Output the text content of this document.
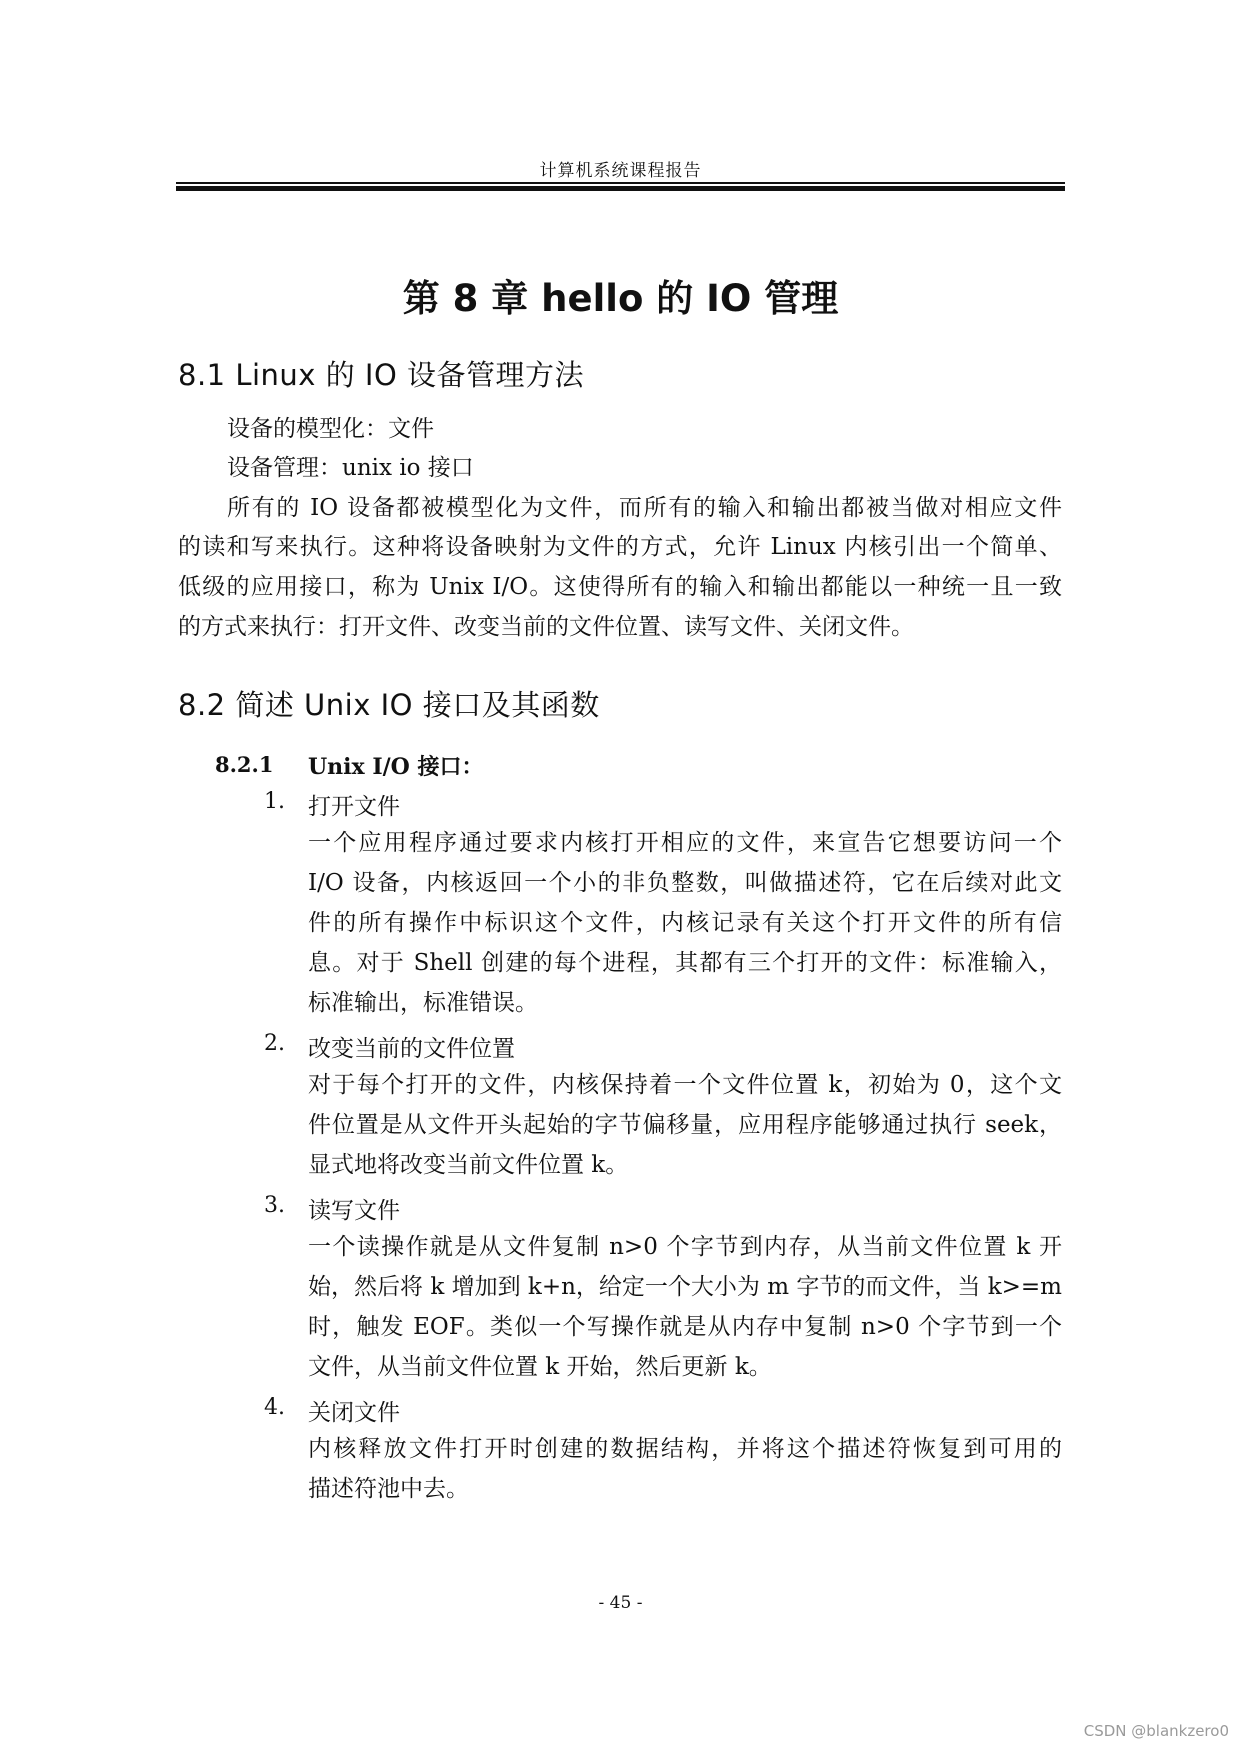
计算机系统课程报告
第 8 章 hello 的 IO 管理
8.1 Linux 的 IO 设备管理方法
设备的模型化：文件
设备管理：unix io 接口
所有的 IO 设备都被模型化为文件，而所有的输入和输出都被当做对相应文件
的读和写来执行。这种将设备映射为文件的方式，允许 Linux 内核引出一个简单、
低级的应用接口，称为 Unix I/O。这使得所有的输入和输出都能以一种统一且一致
的方式来执行：打开文件、改变当前的文件位置、读写文件、关闭文件。
8.2 简述 Unix IO 接口及其函数
8.2.1 Unix I/O 接口：
1. 打开文件
一个应用程序通过要求内核打开相应的文件，来宣告它想要访问一个
I/O 设备，内核返回一个小的非负整数，叫做描述符，它在后续对此文
件的所有操作中标识这个文件，内核记录有关这个打开文件的所有信
息。对于 Shell 创建的每个进程，其都有三个打开的文件：标准输入，
标准输出，标准错误。
2. 改变当前的文件位置
对于每个打开的文件，内核保持着一个文件位置 k，初始为 0，这个文
件位置是从文件开头起始的字节偏移量，应用程序能够通过执行 seek，
显式地将改变当前文件位置 k。
3. 读写文件
一个读操作就是从文件复制 n>0 个字节到内存，从当前文件位置 k 开
始，然后将 k 增加到 k+n，给定一个大小为 m 字节的而文件，当 k>=m
时，触发 EOF。类似一个写操作就是从内存中复制 n>0 个字节到一个
文件，从当前文件位置 k 开始，然后更新 k。
4. 关闭文件
内核释放文件打开时创建的数据结构，并将这个描述符恢复到可用的
描述符池中去。
- 45 -
CSDN @blankzero0
